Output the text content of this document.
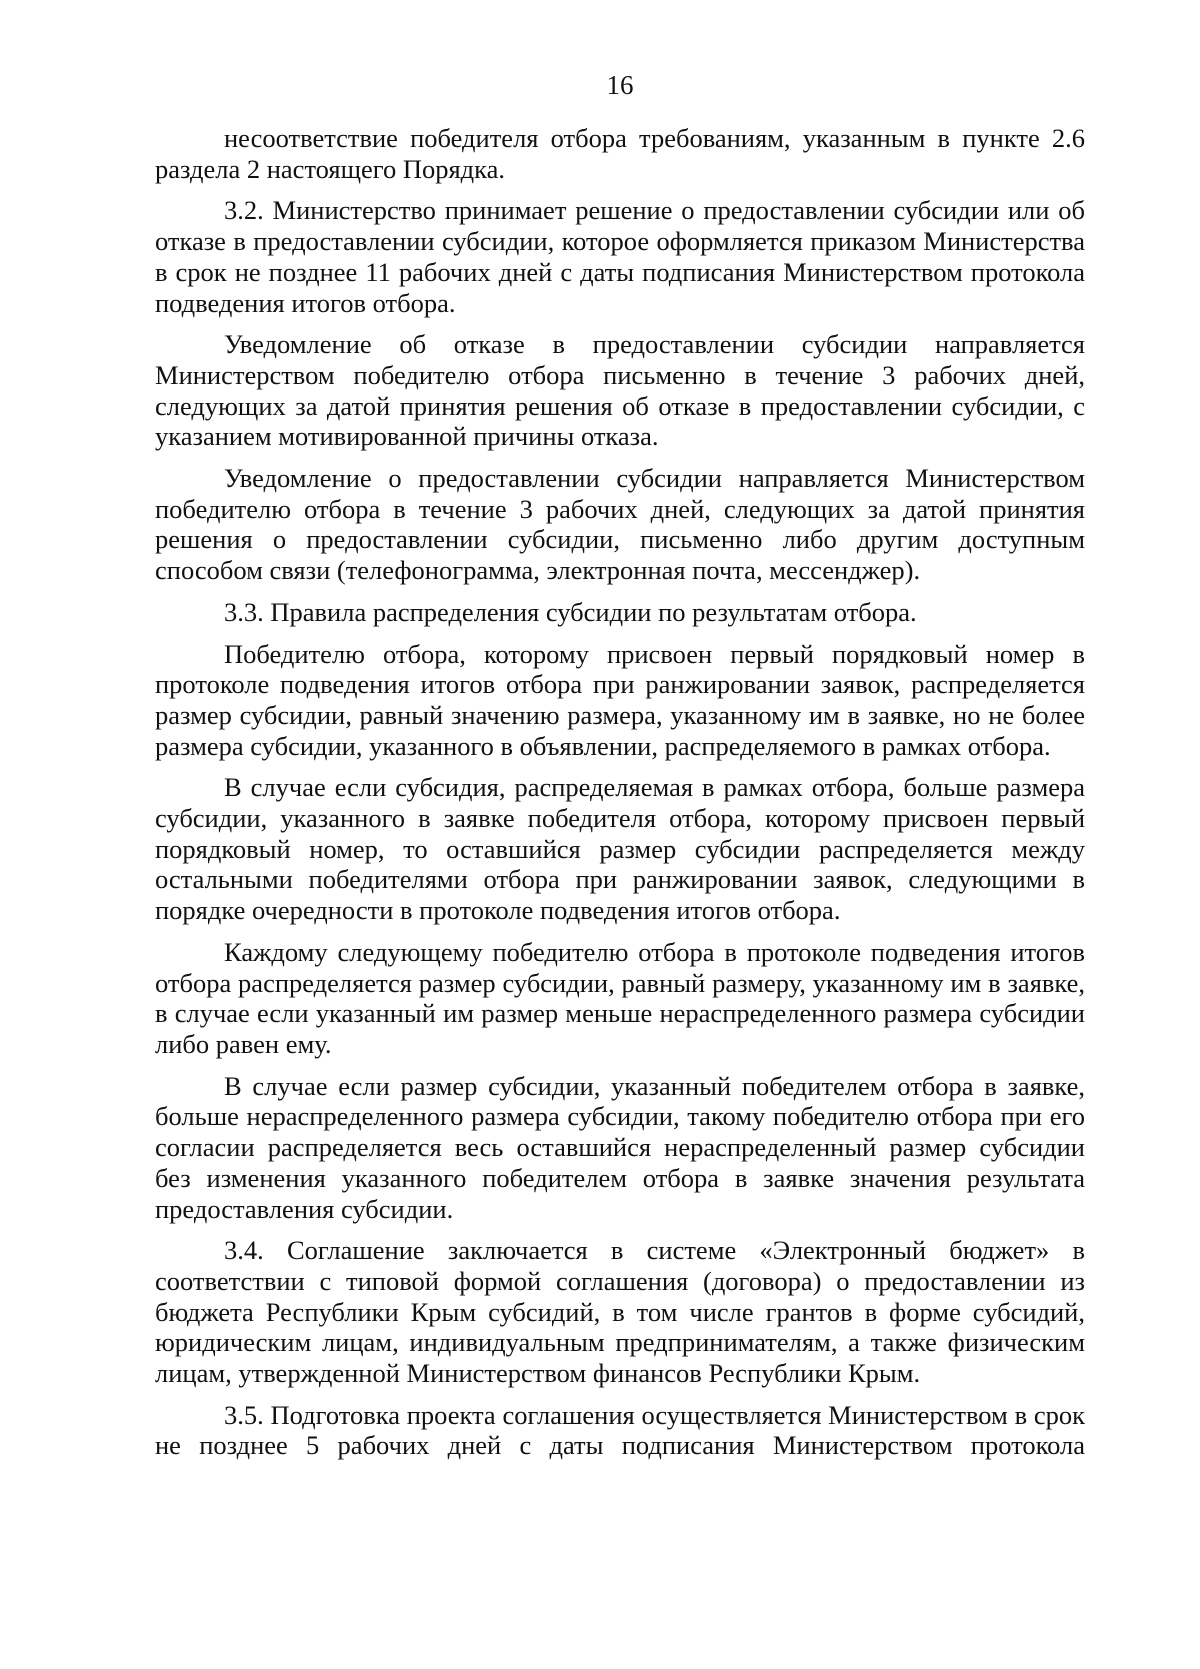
16

несоответствие победителя отбора требованиям, указанным в пункте 2.6 раздела 2 настоящего Порядка.

3.2. Министерство принимает решение о предоставлении субсидии или об отказе в предоставлении субсидии, которое оформляется приказом Министерства в срок не позднее 11 рабочих дней с даты подписания Министерством протокола подведения итогов отбора.

Уведомление об отказе в предоставлении субсидии направляется Министерством победителю отбора письменно в течение 3 рабочих дней, следующих за датой принятия решения об отказе в предоставлении субсидии, с указанием мотивированной причины отказа.

Уведомление о предоставлении субсидии направляется Министерством победителю отбора в течение 3 рабочих дней, следующих за датой принятия решения о предоставлении субсидии, письменно либо другим доступным способом связи (телефонограмма, электронная почта, мессенджер).

3.3. Правила распределения субсидии по результатам отбора.

Победителю отбора, которому присвоен первый порядковый номер в протоколе подведения итогов отбора при ранжировании заявок, распределяется размер субсидии, равный значению размера, указанному им в заявке, но не более размера субсидии, указанного в объявлении, распределяемого в рамках отбора.

В случае если субсидия, распределяемая в рамках отбора, больше размера субсидии, указанного в заявке победителя отбора, которому присвоен первый порядковый номер, то оставшийся размер субсидии распределяется между остальными победителями отбора при ранжировании заявок, следующими в порядке очередности в протоколе подведения итогов отбора.

Каждому следующему победителю отбора в протоколе подведения итогов отбора распределяется размер субсидии, равный размеру, указанному им в заявке, в случае если указанный им размер меньше нераспределенного размера субсидии либо равен ему.

В случае если размер субсидии, указанный победителем отбора в заявке, больше нераспределенного размера субсидии, такому победителю отбора при его согласии распределяется весь оставшийся нераспределенный размер субсидии без изменения указанного победителем отбора в заявке значения результата предоставления субсидии.

3.4. Соглашение заключается в системе «Электронный бюджет» в соответствии с типовой формой соглашения (договора) о предоставлении из бюджета Республики Крым субсидий, в том числе грантов в форме субсидий, юридическим лицам, индивидуальным предпринимателям, а также физическим лицам, утвержденной Министерством финансов Республики Крым.

3.5. Подготовка проекта соглашения осуществляется Министерством в срок не позднее 5 рабочих дней с даты подписания Министерством протокола
